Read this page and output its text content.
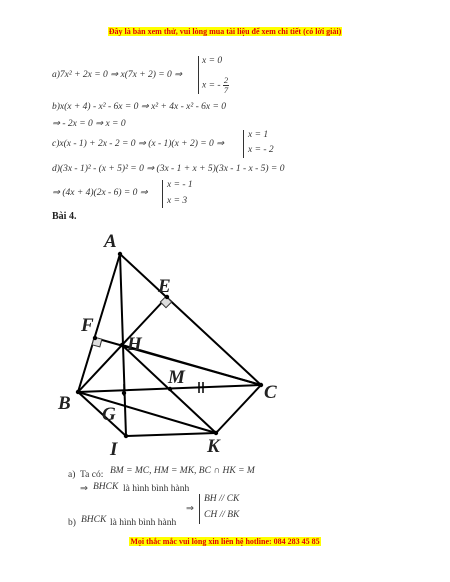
Đây là bản xem thử, vui lòng mua tài liệu để xem chi tiết (có lời giải)
a)7x² + 2x = 0 ⇒ x(7x + 2) = 0 ⇒
x = 0
x = - $\frac{2}{7}$
b)x(x + 4) - x² - 6x = 0 ⇒ x² + 4x - x² - 6x = 0
⇒ - 2x = 0 ⇒ x = 0
c)x(x - 1) + 2x - 2 = 0 ⇒ (x - 1)(x + 2) = 0 ⇒
x = 1
x = - 2
d)(3x - 1)² - (x + 5)² = 0 ⇒ (3x - 1 + x + 5)(3x - 1 - x - 5) = 0
⇒ (4x + 4)(2x - 6) = 0 ⇒
x = - 1
x = 3
Bài 4.
A
E
F
H
M
B
C
G
I	K
a) Ta có: BM = MC, HM = MK, BC ∩ HK = M
⇒ BHCK là hình bình hành
b) BHCK là hình bình hành
⇒
BH // CK
CH // BK
Mọi thắc mắc vui lòng xin liên hệ hotline: 084 283 45 85
